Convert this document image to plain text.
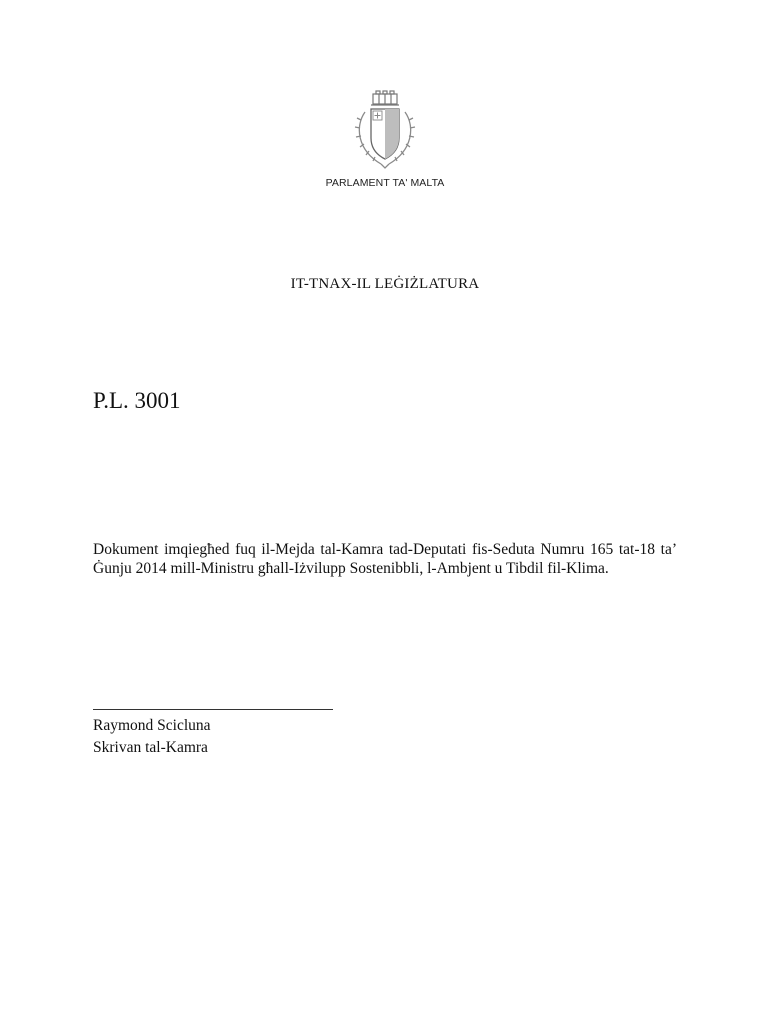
PARLAMENT TA' MALTA
IT-TNAX-IL LEĠIŻLATURA
P.L. 3001
Dokument imqiegħed fuq il-Mejda tal-Kamra tad-Deputati fis-Seduta Numru 165 tat-18 ta’ Ġunju 2014 mill-Ministru għall-Iżvilupp Sostenibbli, l-Ambjent u Tibdil fil-Klima.
Raymond Scicluna
Skrivan tal-Kamra
